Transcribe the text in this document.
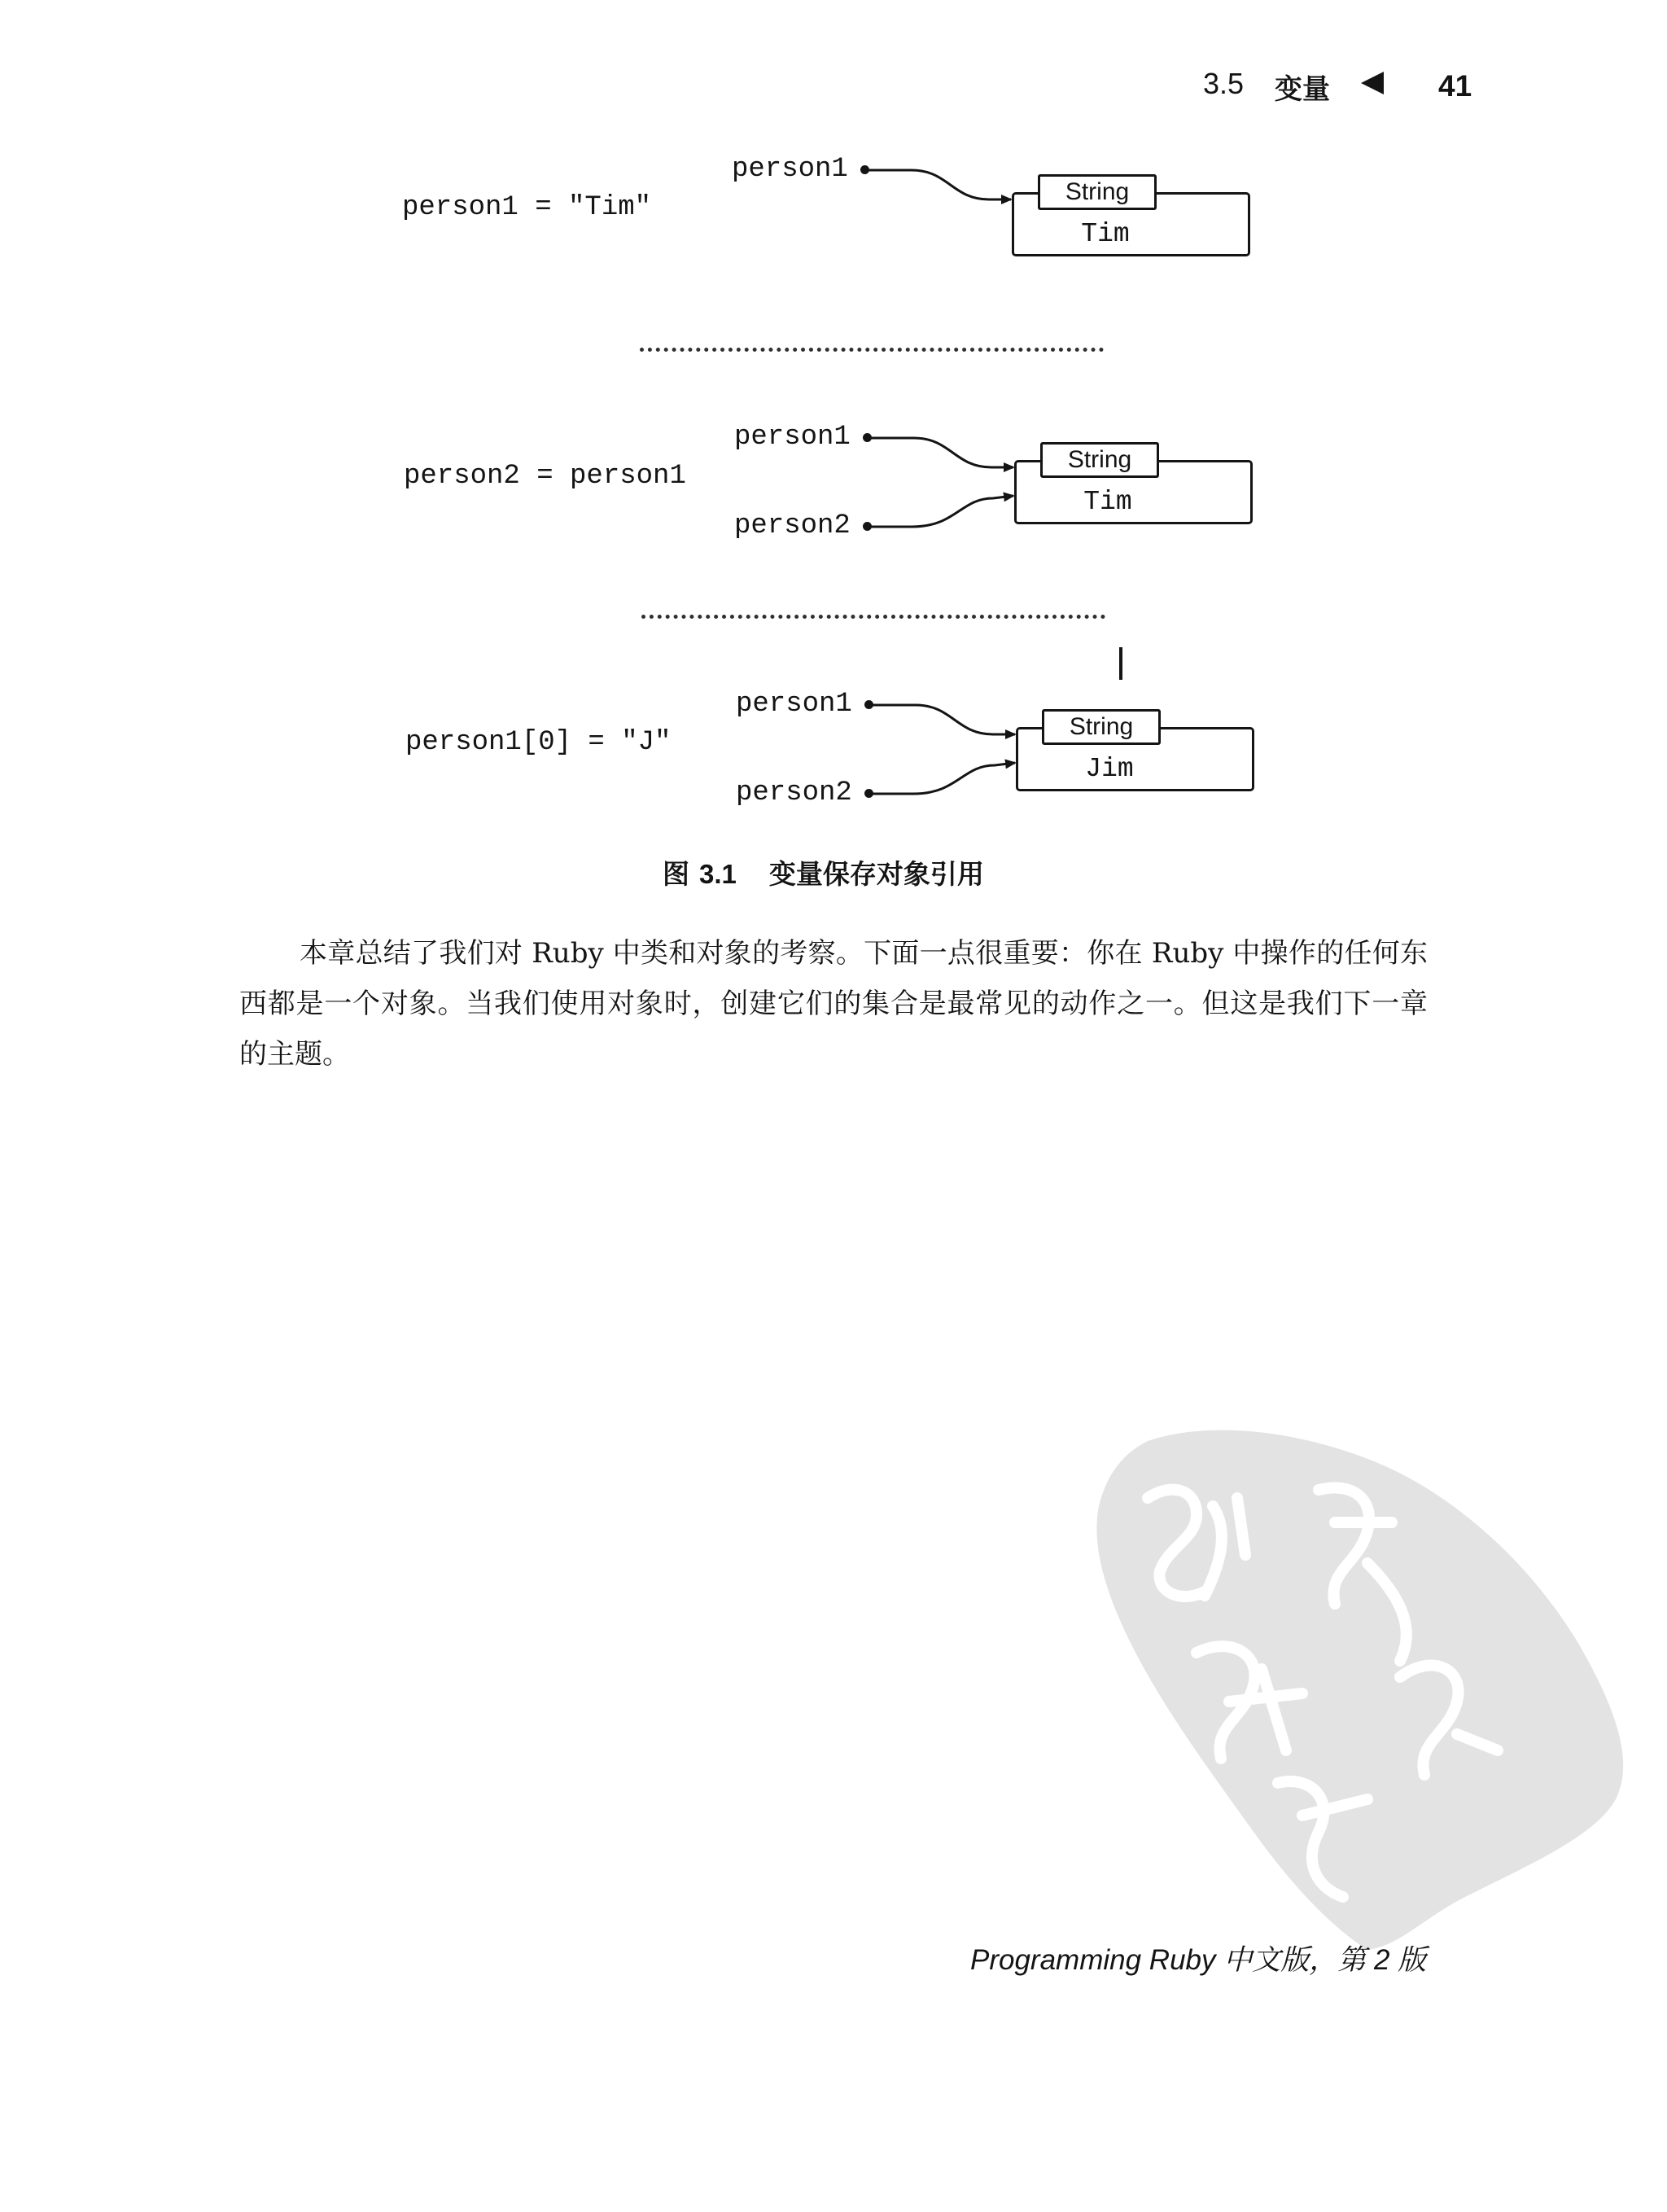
3.5 变量	41
person1 = "Tim"
person1
String
Tim
person2 = person1
person1
person2
String
Tim
person1[0] = "J"
person1
person2
String
Jim
图 3.1 变量保存对象引用
本章总结了我们对 Ruby 中类和对象的考察。下面一点很重要：你在 Ruby 中操作的任何东西都是一个对象。当我们使用对象时，创建它们的集合是最常见的动作之一。但这是我们下一章的主题。
Programming Ruby 中文版，第 2 版
